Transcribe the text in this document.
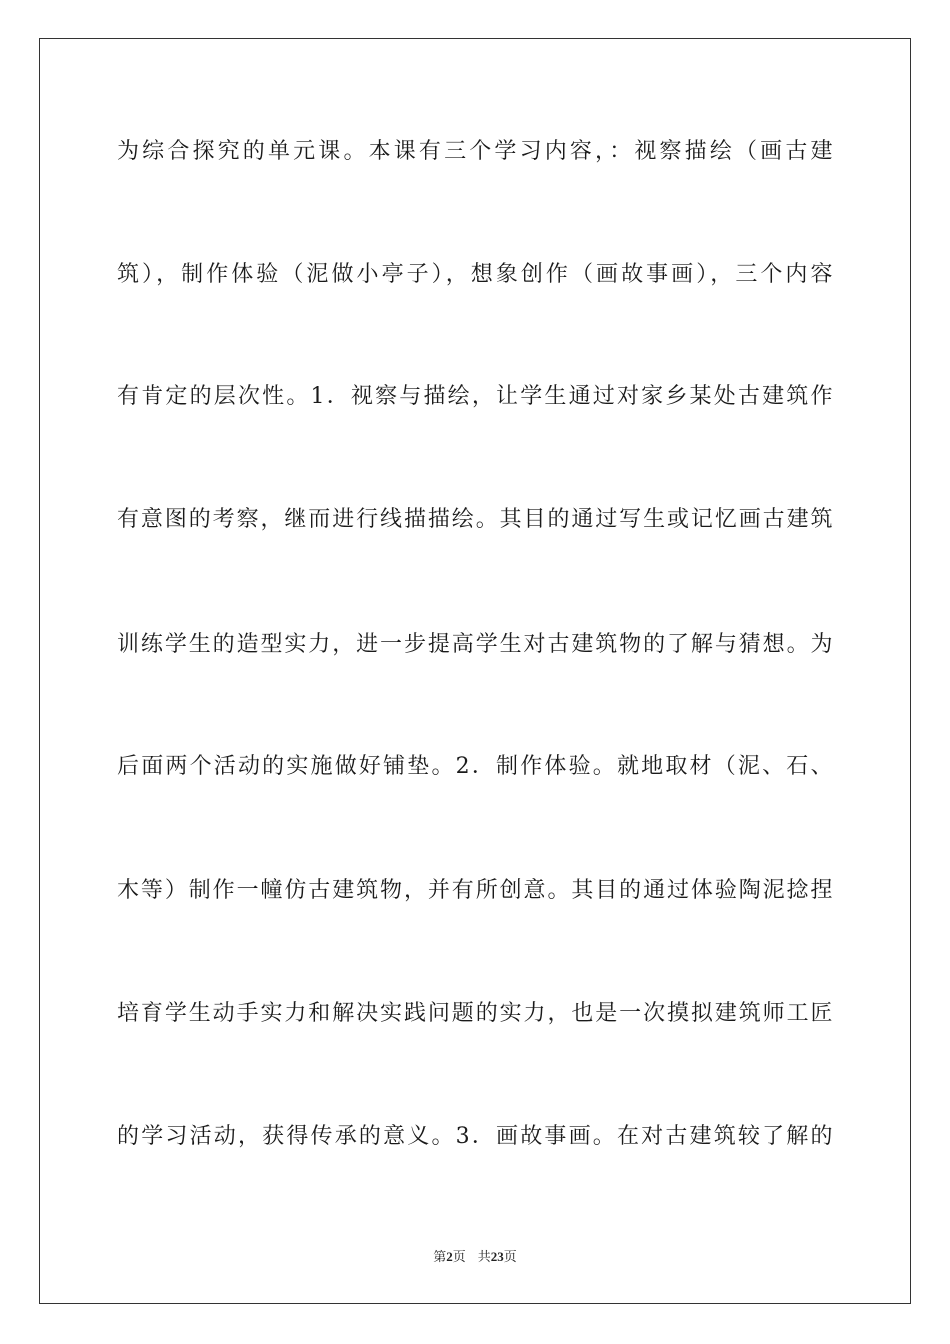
为综合探究的单元课。本课有三个学习内容，：视察描绘（画古建
筑），制作体验（泥做小亭子），想象创作（画故事画），三个内容
有肯定的层次性。1．视察与描绘，让学生通过对家乡某处古建筑作
有意图的考察，继而进行线描描绘。其目的通过写生或记忆画古建筑
训练学生的造型实力，进一步提高学生对古建筑物的了解与猜想。为
后面两个活动的实施做好铺垫。2．制作体验。就地取材（泥、石、
木等）制作一幢仿古建筑物，并有所创意。其目的通过体验陶泥捻捏
培育学生动手实力和解决实践问题的实力，也是一次摸拟建筑师工匠
的学习活动，获得传承的意义。3．画故事画。在对古建筑较了解的
第2页 共23页
